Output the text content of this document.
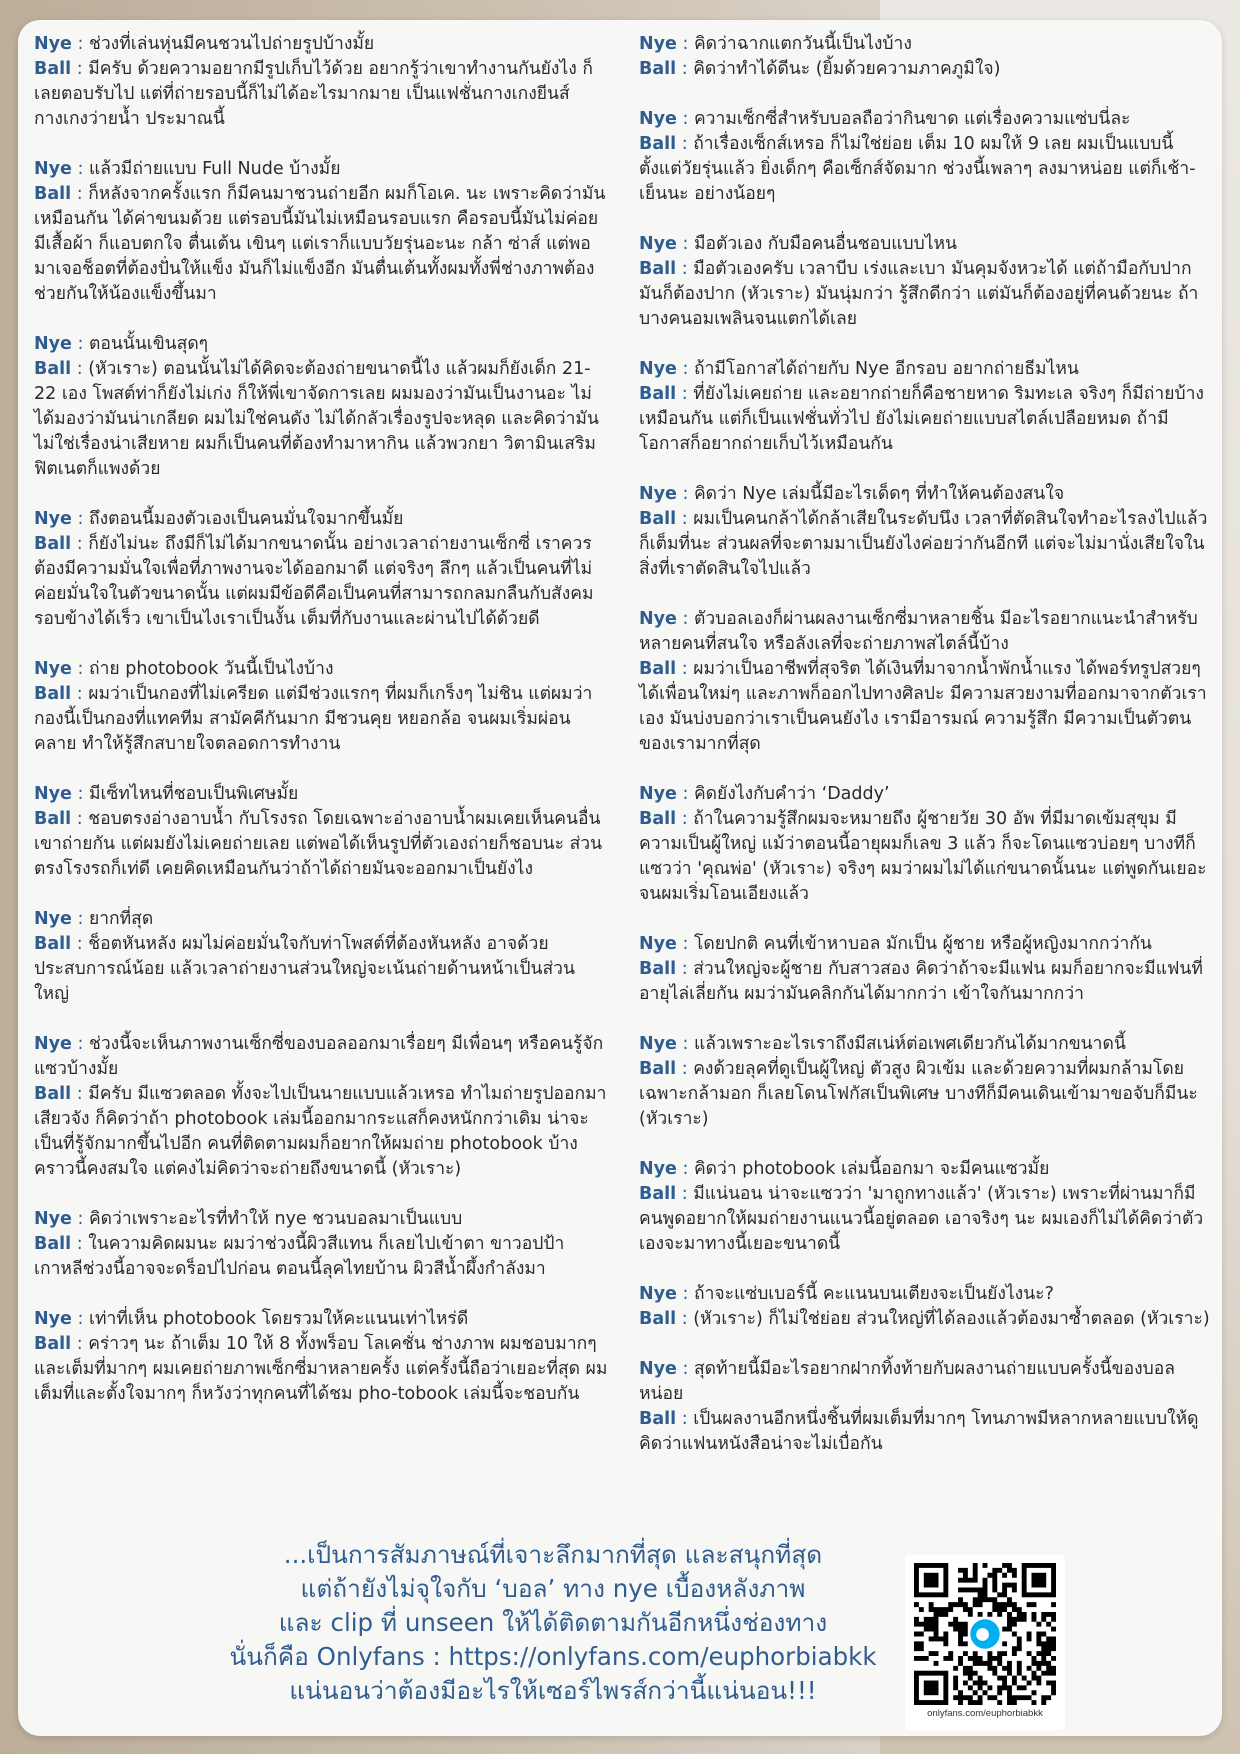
Nye : ช่วงที่เล่นหุ่นมีคนชวนไปถ่ายรูปบ้างมั้ย

Ball : มีครับ ด้วยความอยากมีรูปเก็บไว้ด้วย อยากรู้ว่าเขาทำงานกันยังไง ก็เลยตอบรับไป แต่ที่ถ่ายรอบนี้ก็ไม่ได้อะไรมากมาย เป็นแฟชั่นกางเกงยีนส์ กางเกงว่ายน้ำ ประมาณนี้

Nye : แล้วมีถ่ายแบบ Full Nude บ้างมั้ย

Ball : ก็หลังจากครั้งแรก ก็มีคนมาชวนถ่ายอีก ผมก็โอเค. นะ เพราะคิดว่ามันเหมือนกัน ได้ค่าขนมด้วย แต่รอบนี้มันไม่เหมือนรอบแรก คือรอบนี้มันไม่ค่อยมีเสื้อผ้า ก็แอบตกใจ ตื่นเต้น เขินๆ แต่เราก็แบบวัยรุ่นอะนะ กล้า ซ่าส์ แต่พอมาเจอช็อตที่ต้องปั่นให้แข็ง มันก็ไม่แข็งอีก มันตื่นเต้นทั้งผมทั้งพี่ช่างภาพต้องช่วยกันให้น้องแข็งขึ้นมา

Nye : ตอนนั้นเขินสุดๆ

Ball : (หัวเราะ) ตอนนั้นไม่ได้คิดจะต้องถ่ายขนาดนี้ไง แล้วผมก็ยังเด็ก 21-22 เอง โพสต์ท่าก็ยังไม่เก่ง ก็ให้พี่เขาจัดการเลย ผมมองว่ามันเป็นงานอะ ไม่ได้มองว่ามันน่าเกลียด ผมไม่ใช่คนดัง ไม่ได้กลัวเรื่องรูปจะหลุด และคิดว่ามันไม่ใช่เรื่องน่าเสียหาย ผมก็เป็นคนที่ต้องทำมาหากิน แล้วพวกยา วิตามินเสริมฟิตเนตก็แพงด้วย

Nye : ถึงตอนนี้มองตัวเองเป็นคนมั่นใจมากขึ้นมั้ย

Ball : ก็ยังไม่นะ ถึงมีก็ไม่ได้มากขนาดนั้น อย่างเวลาถ่ายงานเซ็กซี่ เราควรต้องมีความมั่นใจเพื่อที่ภาพงานจะได้ออกมาดี แต่จริงๆ ลึกๆ แล้วเป็นคนที่ไม่ค่อยมั่นใจในตัวขนาดนั้น แต่ผมมีข้อดีคือเป็นคนที่สามารถกลมกลืนกับสังคมรอบข้างได้เร็ว เขาเป็นไงเราเป็นงั้น เต็มที่กับงานและผ่านไปได้ด้วยดี

Nye : ถ่าย photobook วันนี้เป็นไงบ้าง

Ball : ผมว่าเป็นกองที่ไม่เครียด แต่มีช่วงแรกๆ ที่ผมก็เกร็งๆ ไม่ชิน แต่ผมว่ากองนี้เป็นกองที่แทคทีม สามัคคีกันมาก มีชวนคุย หยอกล้อ จนผมเริ่มผ่อนคลาย ทำให้รู้สึกสบายใจตลอดการทำงาน

Nye : มีเซ็ทไหนที่ชอบเป็นพิเศษมั้ย

Ball : ชอบตรงอ่างอาบน้ำ กับโรงรถ โดยเฉพาะอ่างอาบน้ำผมเคยเห็นคนอื่นเขาถ่ายกัน แต่ผมยังไม่เคยถ่ายเลย แต่พอได้เห็นรูปที่ตัวเองถ่ายก็ชอบนะ ส่วนตรงโรงรถก็เท่ดี เคยคิดเหมือนกันว่าถ้าได้ถ่ายมันจะออกมาเป็นยังไง

Nye : ยากที่สุด

Ball : ช็อตหันหลัง ผมไม่ค่อยมั่นใจกับท่าโพสต์ที่ต้องหันหลัง อาจด้วยประสบการณ์น้อย แล้วเวลาถ่ายงานส่วนใหญ่จะเน้นถ่ายด้านหน้าเป็นส่วนใหญ่

Nye : ช่วงนี้จะเห็นภาพงานเซ็กซี่ของบอลออกมาเรื่อยๆ มีเพื่อนๆ หรือคนรู้จักแซวบ้างมั้ย

Ball : มีครับ มีแซวตลอด ทั้งจะไปเป็นนายแบบแล้วเหรอ ทำไมถ่ายรูปออกมาเสียวจัง ก็คิดว่าถ้า photobook เล่มนี้ออกมากระแสก็คงหนักกว่าเดิม น่าจะเป็นที่รู้จักมากขึ้นไปอีก คนที่ติดตามผมก็อยากให้ผมถ่าย photobook บ้าง คราวนี้คงสมใจ แต่คงไม่คิดว่าจะถ่ายถึงขนาดนี้ (หัวเราะ)

Nye : คิดว่าเพราะอะไรที่ทำให้ nye ชวนบอลมาเป็นแบบ

Ball : ในความคิดผมนะ ผมว่าช่วงนี้ผิวสีแทน ก็เลยไปเข้าตา ขาวอปป้าเกาหลีช่วงนี้อาจจะดร็อปไปก่อน ตอนนี้ลุคไทยบ้าน ผิวสีน้ำผึ้งกำลังมา

Nye : เท่าที่เห็น photobook โดยรวมให้คะแนนเท่าไหร่ดี

Ball : คร่าวๆ นะ ถ้าเต็ม 10 ให้ 8 ทั้งพร็อบ โลเคชั่น ช่างภาพ ผมชอบมากๆ และเต็มที่มากๆ ผมเคยถ่ายภาพเซ็กซี่มาหลายครั้ง แต่ครั้งนี้ถือว่าเยอะที่สุด ผมเต็มที่และตั้งใจมากๆ ก็หวังว่าทุกคนที่ได้ชม pho-tobook เล่มนี้จะชอบกัน

Nye : คิดว่าฉากแตกวันนี้เป็นไงบ้าง

Ball : คิดว่าทำได้ดีนะ (ยิ้มด้วยความภาคภูมิใจ)

Nye : ความเซ็กซี่สำหรับบอลถือว่ากินขาด แต่เรื่องความแซ่บนี่ละ

Ball : ถ้าเรื่องเซ็กส์เหรอ ก็ไม่ใช่ย่อย เต็ม 10 ผมให้ 9 เลย ผมเป็นแบบนี้ตั้งแต่วัยรุ่นแล้ว ยิ่งเด็กๆ คือเซ็กส์จัดมาก ช่วงนี้เพลาๆ ลงมาหน่อย แต่ก็เช้า-เย็นนะ อย่างน้อยๆ

Nye : มือตัวเอง กับมือคนอื่นชอบแบบไหน

Ball : มือตัวเองครับ เวลาบีบ เร่งและเบา มันคุมจังหวะได้ แต่ถ้ามือกับปาก มันก็ต้องปาก (หัวเราะ) มันนุ่มกว่า รู้สึกดีกว่า แต่มันก็ต้องอยู่ที่คนด้วยนะ ถ้าบางคนอมเพลินจนแตกได้เลย

Nye : ถ้ามีโอกาสได้ถ่ายกับ Nye อีกรอบ อยากถ่ายธีมไหน

Ball : ที่ยังไม่เคยถ่าย และอยากถ่ายก็คือชายหาด ริมทะเล จริงๆ ก็มีถ่ายบ้างเหมือนกัน แต่ก็เป็นแฟชั่นทั่วไป ยังไม่เคยถ่ายแบบสไตล์เปลือยหมด ถ้ามีโอกาสก็อยากถ่ายเก็บไว้เหมือนกัน

Nye : คิดว่า Nye เล่มนี้มีอะไรเด็ดๆ ที่ทำให้คนต้องสนใจ

Ball : ผมเป็นคนกล้าได้กล้าเสียในระดับนึง เวลาที่ตัดสินใจทำอะไรลงไปแล้ว ก็เต็มที่นะ ส่วนผลที่จะตามมาเป็นยังไงค่อยว่ากันอีกที แต่จะไม่มานั่งเสียใจในสิ่งที่เราตัดสินใจไปแล้ว

Nye : ตัวบอลเองก็ผ่านผลงานเซ็กซี่มาหลายชิ้น มีอะไรอยากแนะนำสำหรับหลายคนที่สนใจ หรือลังเลที่จะถ่ายภาพสไตล์นี้บ้าง

Ball : ผมว่าเป็นอาชีพที่สุจริต ได้เงินที่มาจากน้ำพักน้ำแรง ได้พอร์ทรูปสวยๆ ได้เพื่อนใหม่ๆ และภาพก็ออกไปทางศิลปะ มีความสวยงามที่ออกมาจากตัวเราเอง มันบ่งบอกว่าเราเป็นคนยังไง เรามีอารมณ์ ความรู้สึก มีความเป็นตัวตนของเรามากที่สุด

Nye : คิดยังไงกับคำว่า ‘Daddy’

Ball : ถ้าในความรู้สึกผมจะหมายถึง ผู้ชายวัย 30 อัพ ที่มีมาดเข้มสุขุม มีความเป็นผู้ใหญ่ แม้ว่าตอนนี้อายุผมก็เลข 3 แล้ว ก็จะโดนแซวบ่อยๆ บางทีก็แซวว่า 'คุณพ่อ' (หัวเราะ) จริงๆ ผมว่าผมไม่ได้แก่ขนาดนั้นนะ แต่พูดกันเยอะจนผมเริ่มโอนเอียงแล้ว

Nye : โดยปกติ คนที่เข้าหาบอล มักเป็น ผู้ชาย หรือผู้หญิงมากกว่ากัน

Ball : ส่วนใหญ่จะผู้ชาย กับสาวสอง คิดว่าถ้าจะมีแฟน ผมก็อยากจะมีแฟนที่อายุไล่เลี่ยกัน ผมว่ามันคลิกกันได้มากกว่า เข้าใจกันมากกว่า

Nye : แล้วเพราะอะไรเราถึงมีสเน่ห์ต่อเพศเดียวกันได้มากขนาดนี้

Ball : คงด้วยลุคที่ดูเป็นผู้ใหญ่ ตัวสูง ผิวเข้ม และด้วยความที่ผมกล้ามโดยเฉพาะกล้ามอก ก็เลยโดนโฟกัสเป็นพิเศษ บางทีก็มีคนเดินเข้ามาขอจับก็มีนะ (หัวเราะ)

Nye : คิดว่า photobook เล่มนี้ออกมา จะมีคนแซวมั้ย

Ball : มีแน่นอน น่าจะแซวว่า 'มาถูกทางแล้ว' (หัวเราะ) เพราะที่ผ่านมาก็มีคนพูดอยากให้ผมถ่ายงานแนวนี้อยู่ตลอด เอาจริงๆ นะ ผมเองก็ไม่ได้คิดว่าตัวเองจะมาทางนี้เยอะขนาดนี้

Nye : ถ้าจะแซ่บเบอร์นี้ คะแนนบนเตียงจะเป็นยังไงนะ?

Ball : (หัวเราะ) ก็ไม่ใช่ย่อย ส่วนใหญ่ที่ได้ลองแล้วต้องมาซ้ำตลอด (หัวเราะ)

Nye : สุดท้ายนี้มีอะไรอยากฝากทิ้งท้ายกับผลงานถ่ายแบบครั้งนี้ของบอลหน่อย

Ball : เป็นผลงานอีกหนึ่งชิ้นที่ผมเต็มที่มากๆ โทนภาพมีหลากหลายแบบให้ดู คิดว่าแฟนหนังสือน่าจะไม่เบื่อกัน

...เป็นการสัมภาษณ์ที่เจาะลึกมากที่สุด และสนุกที่สุด
แต่ถ้ายังไม่จุใจกับ ‘บอล’ ทาง nye เบื้องหลังภาพ
และ clip ที่ unseen ให้ได้ติดตามกันอีกหนึ่งช่องทาง
นั่นก็คือ Onlyfans : https://onlyfans.com/euphorbiabkk
แน่นอนว่าต้องมีอะไรให้เซอร์ไพรส์กว่านี้แน่นอน!!!
onlyfans.com/euphorbiabkk
